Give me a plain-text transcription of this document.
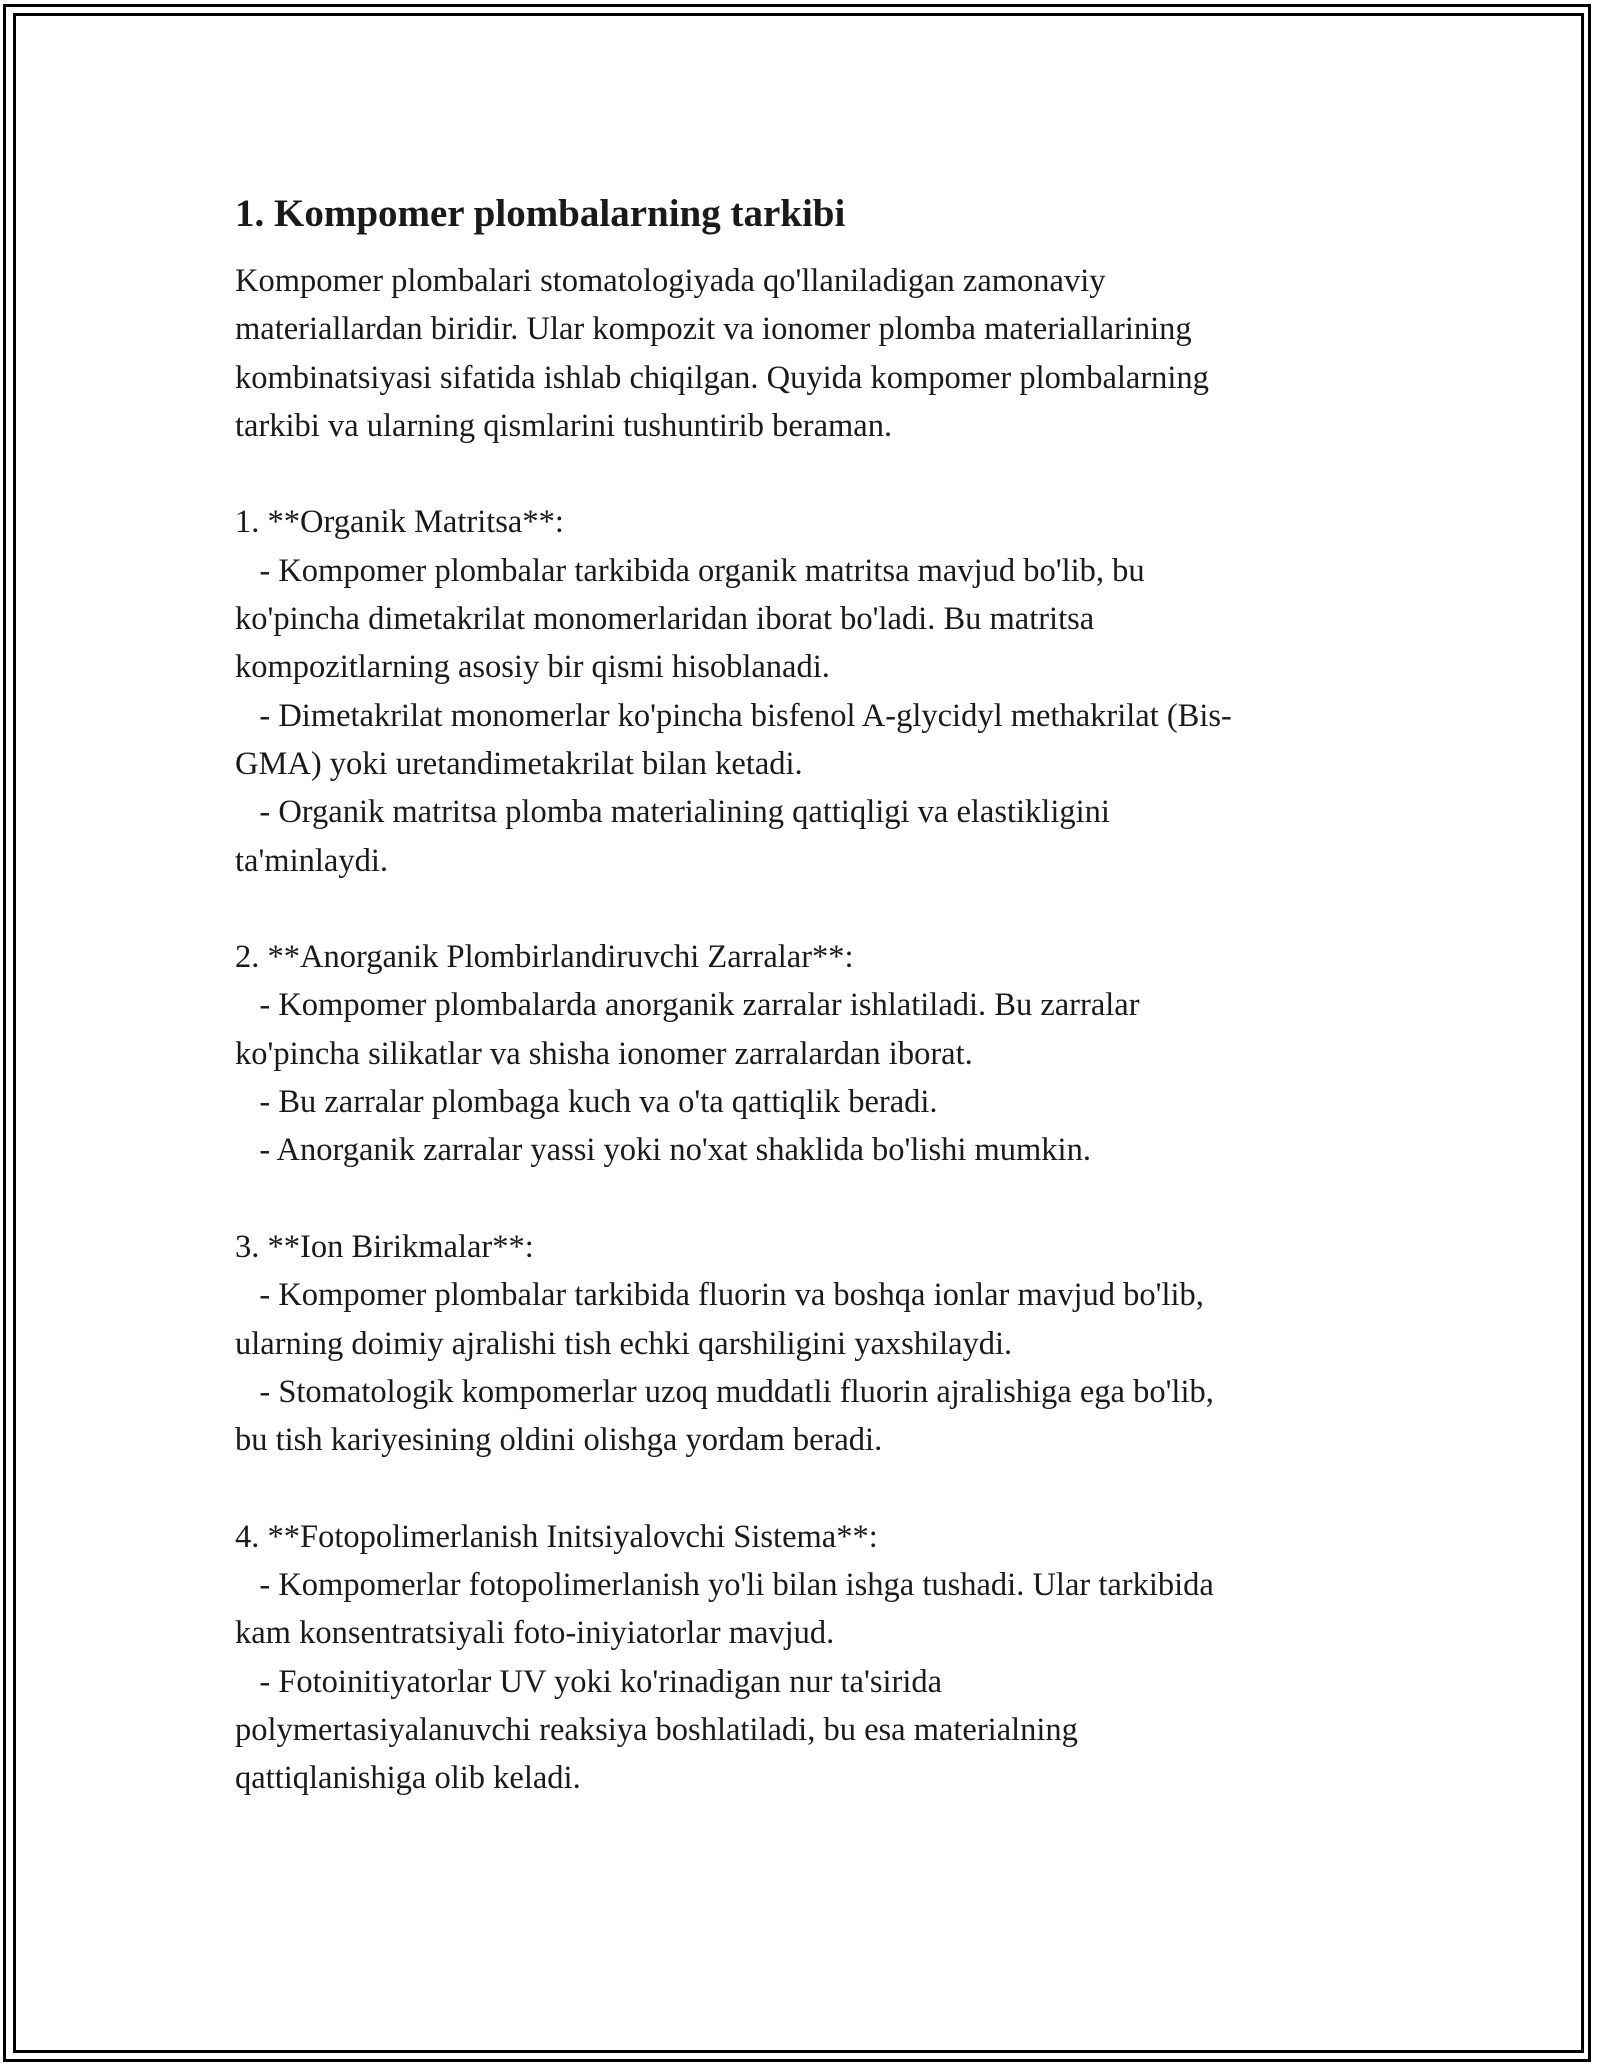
1. Kompomer plombalarning tarkibi

Kompomer plombalari stomatologiyada qo'llaniladigan zamonaviy
materiallardan biridir. Ular kompozit va ionomer plomba materiallarining
kombinatsiyasi sifatida ishlab chiqilgan. Quyida kompomer plombalarning
tarkibi va ularning qismlarini tushuntirib beraman.

1. **Organik Matritsa**:
- Kompomer plombalar tarkibida organik matritsa mavjud bo'lib, bu
ko'pincha dimetakrilat monomerlaridan iborat bo'ladi. Bu matritsa
kompozitlarning asosiy bir qismi hisoblanadi.
- Dimetakrilat monomerlar ko'pincha bisfenol A-glycidyl methakrilat (Bis-
GMA) yoki uretandimetakrilat bilan ketadi.
- Organik matritsa plomba materialining qattiqligi va elastikligini
ta'minlaydi.

2. **Anorganik Plombirlandiruvchi Zarralar**:
- Kompomer plombalarda anorganik zarralar ishlatiladi. Bu zarralar
ko'pincha silikatlar va shisha ionomer zarralardan iborat.
- Bu zarralar plombaga kuch va o'ta qattiqlik beradi.
- Anorganik zarralar yassi yoki no'xat shaklida bo'lishi mumkin.

3. **Ion Birikmalar**:
- Kompomer plombalar tarkibida fluorin va boshqa ionlar mavjud bo'lib,
ularning doimiy ajralishi tish echki qarshiligini yaxshilaydi.
- Stomatologik kompomerlar uzoq muddatli fluorin ajralishiga ega bo'lib,
bu tish kariyesining oldini olishga yordam beradi.

4. **Fotopolimerlanish Initsiyalovchi Sistema**:
- Kompomerlar fotopolimerlanish yo'li bilan ishga tushadi. Ular tarkibida
kam konsentratsiyali foto-iniyiatorlar mavjud.
- Fotoinitiyatorlar UV yoki ko'rinadigan nur ta'sirida
polymertasiyalanuvchi reaksiya boshlatiladi, bu esa materialning
qattiqlanishiga olib keladi.
